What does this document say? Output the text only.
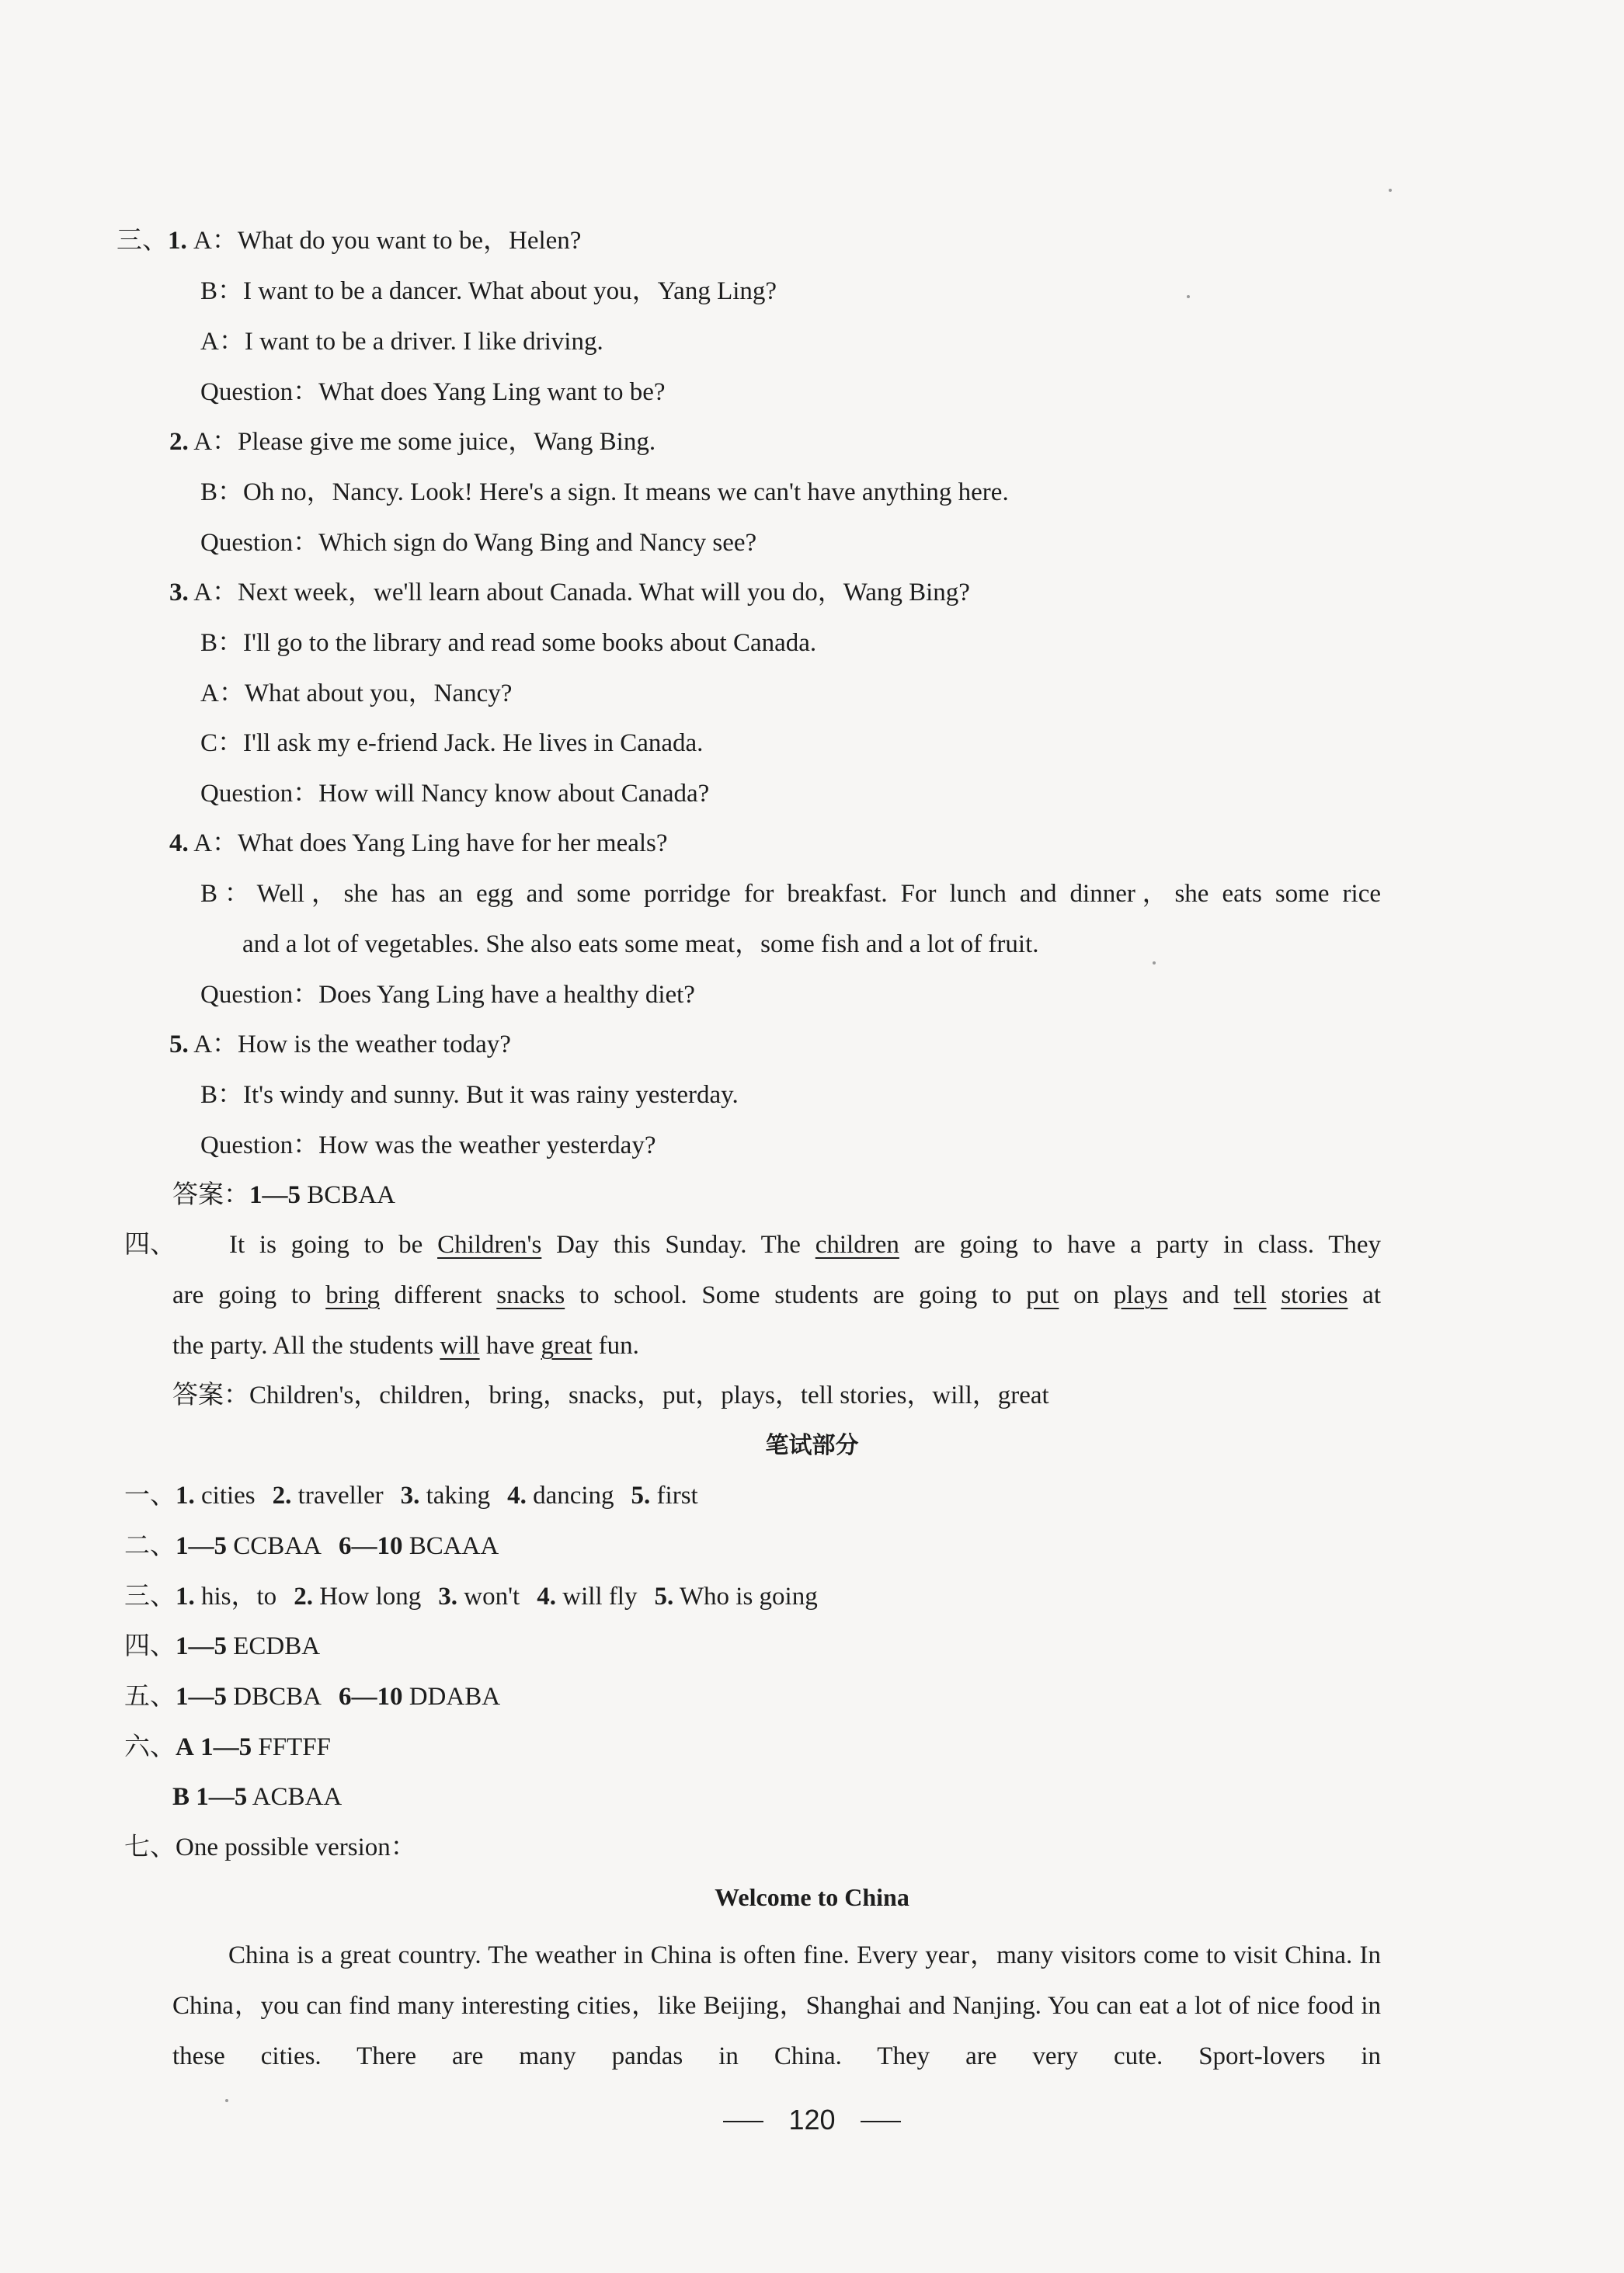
三、1. A：What do you want to be，Helen?
B：I want to be a dancer. What about you，Yang Ling?
A：I want to be a driver. I like driving.
Question：What does Yang Ling want to be?
2. A：Please give me some juice，Wang Bing.
B：Oh no，Nancy. Look! Here's a sign. It means we can't have anything here.
Question：Which sign do Wang Bing and Nancy see?
3. A：Next week，we'll learn about Canada. What will you do，Wang Bing?
B：I'll go to the library and read some books about Canada.
A：What about you，Nancy?
C：I'll ask my e-friend Jack. He lives in Canada.
Question：How will Nancy know about Canada?
4. A：What does Yang Ling have for her meals?
B：Well，she has an egg and some porridge for breakfast. For lunch and dinner，she eats some rice
and a lot of vegetables. She also eats some meat，some fish and a lot of fruit.
Question：Does Yang Ling have a healthy diet?
5. A：How is the weather today?
B：It's windy and sunny. But it was rainy yesterday.
Question：How was the weather yesterday?
答案：1—5 BCBAA
四、 It is going to be Children's Day this Sunday. The children are going to have a party in class. They
are going to bring different snacks to school. Some students are going to put on plays and tell stories at
the party. All the students will have great fun.
答案：Children's，children，bring，snacks，put，plays，tell stories，will，great
笔试部分
一、1. cities 2. traveller 3. taking 4. dancing 5. first
二、1—5 CCBAA 6—10 BCAAA
三、1. his，to 2. How long 3. won't 4. will fly 5. Who is going
四、1—5 ECDBA
五、1—5 DBCBA 6—10 DDABA
六、A 1—5 FFTFF
B 1—5 ACBAA
七、One possible version：
Welcome to China
China is a great country. The weather in China is often fine. Every year，many visitors come to visit China. In China，you can find many interesting cities，like Beijing，Shanghai and Nanjing. You can eat a lot of nice food in these cities. There are many pandas in China. They are very cute. Sport-lovers in
120
